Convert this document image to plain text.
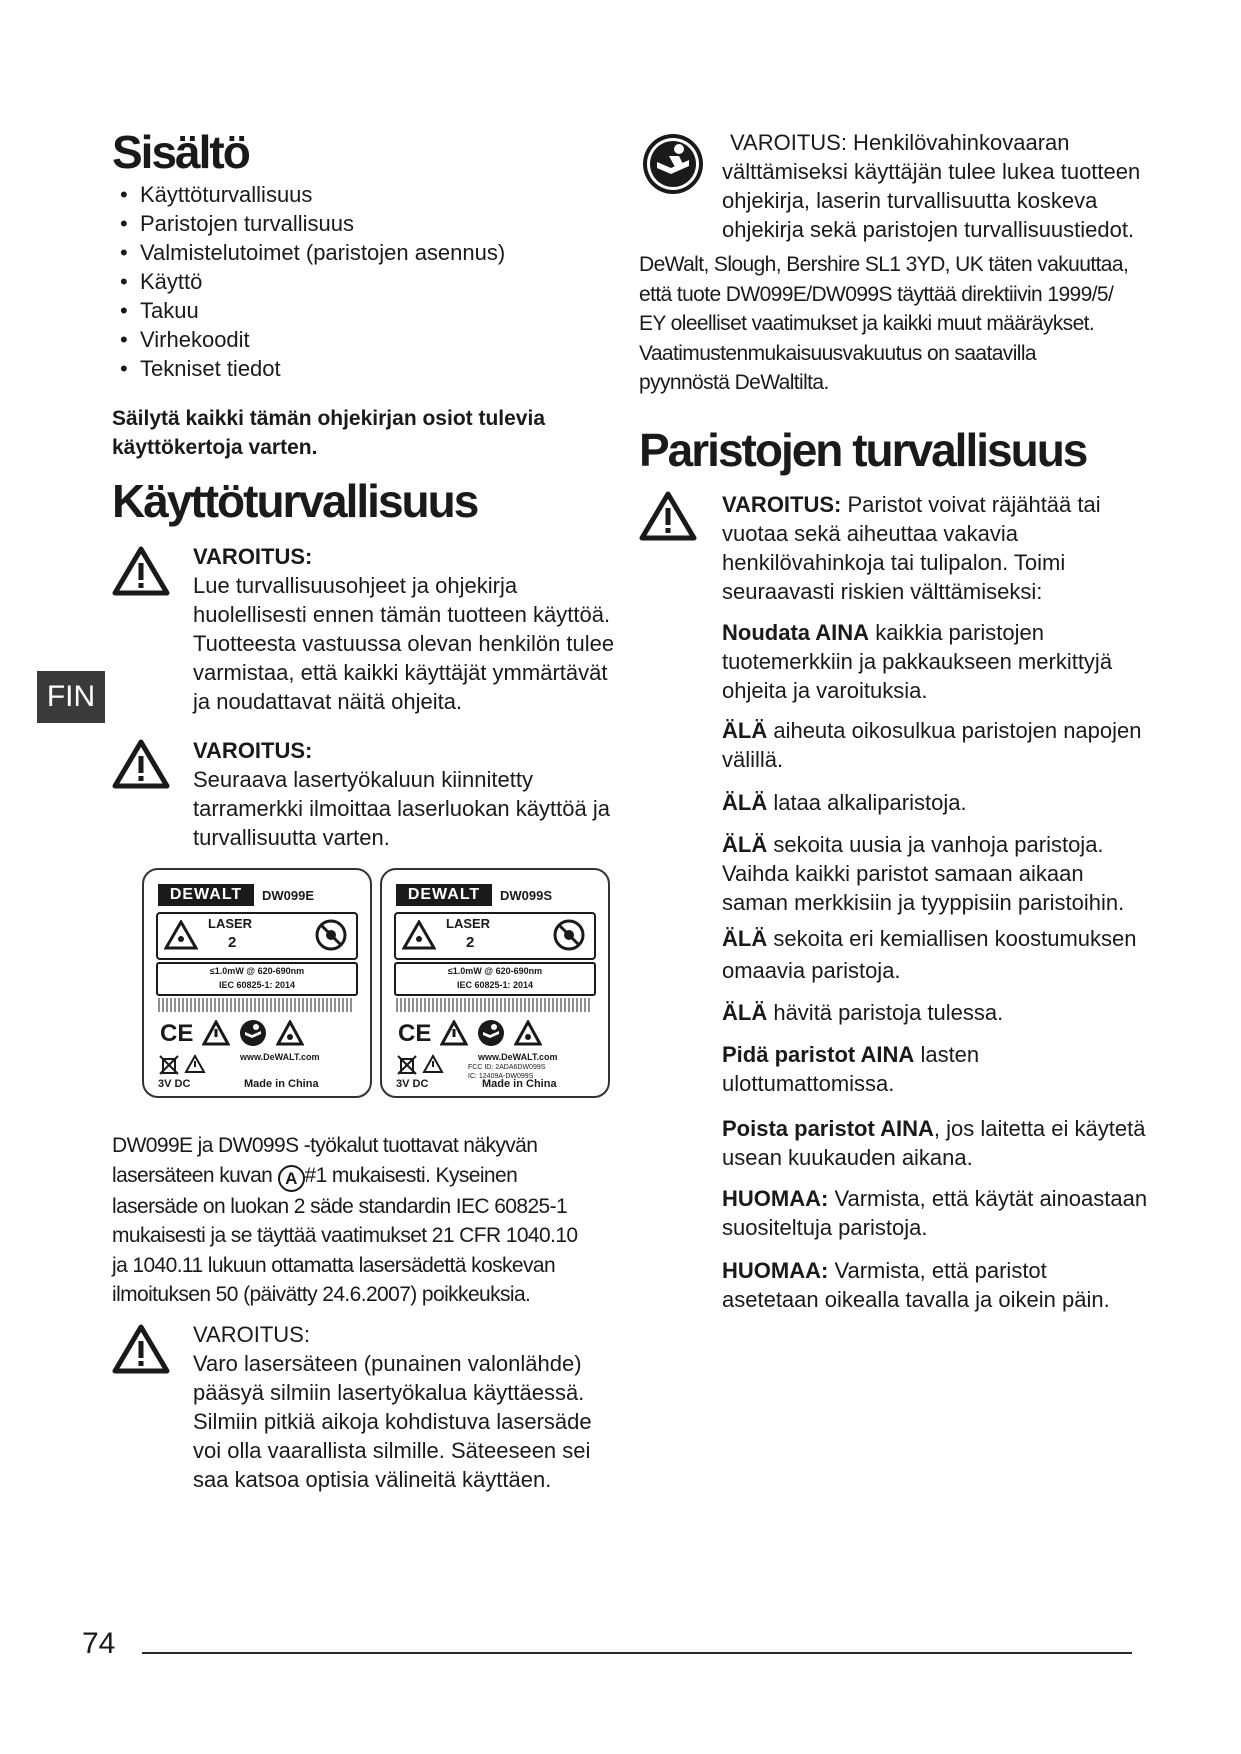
Sisältö
• Käyttöturvallisuus
• Paristojen turvallisuus
• Valmistelutoimet (paristojen asennus)
• Käyttö
• Takuu
• Virhekoodit
• Tekniset tiedot
Säilytä kaikki tämän ohjekirjan osiot tulevia
käyttökertoja varten.
Käyttöturvallisuus
VAROITUS:
Lue turvallisuusohjeet ja ohjekirja
huolellisesti ennen tämän tuotteen käyttöä.
Tuotteesta vastuussa olevan henkilön tulee
varmistaa, että kaikki käyttäjät ymmärtävät
ja noudattavat näitä ohjeita.
FIN
VAROITUS:
Seuraava lasertyökaluun kiinnitetty
tarramerkki ilmoittaa laserluokan käyttöä ja
turvallisuutta varten.
DEWALT	DW099E
LASER
2
≤1.0mW @ 620-690nm
IEC 60825-1: 2014
CE
www.DeWALT.com
3V DC	Made in China
DEWALT	DW099S
LASER
2
≤1.0mW @ 620-690nm
IEC 60825-1: 2014
CE
www.DeWALT.com
FCC ID: 2ADA6DW099S
IC: 12409A-DW099S
3V DC	Made in China
DW099E ja DW099S -työkalut tuottavat näkyvän
lasersäteen kuvan A #1 mukaisesti. Kyseinen
lasersäde on luokan 2 säde standardin IEC 60825-1
mukaisesti ja se täyttää vaatimukset 21 CFR 1040.10
ja 1040.11 lukuun ottamatta lasersädettä koskevan
ilmoituksen 50 (päivätty 24.6.2007) poikkeuksia.
VAROITUS:
Varo lasersäteen (punainen valonlähde)
pääsyä silmiin lasertyökalua käyttäessä.
Silmiin pitkiä aikoja kohdistuva lasersäde
voi olla vaarallista silmille. Säteeseen sei
saa katsoa optisia välineitä käyttäen.
VAROITUS: Henkilövahinkovaaran
välttämiseksi käyttäjän tulee lukea tuotteen
ohjekirja, laserin turvallisuutta koskeva
ohjekirja sekä paristojen turvallisuustiedot.
DeWalt, Slough, Bershire SL1 3YD, UK täten vakuuttaa,
että tuote DW099E/DW099S täyttää direktiivin 1999/5/
EY oleelliset vaatimukset ja kaikki muut määräykset.
Vaatimustenmukaisuusvakuutus on saatavilla
pyynnöstä DeWaltilta.
Paristojen turvallisuus
VAROITUS: Paristot voivat räjähtää tai
vuotaa sekä aiheuttaa vakavia
henkilövahinkoja tai tulipalon. Toimi
seuraavasti riskien välttämiseksi:
Noudata AINA kaikkia paristojen
tuotemerkkiin ja pakkaukseen merkittyjä
ohjeita ja varoituksia.
ÄLÄ aiheuta oikosulkua paristojen napojen
välillä.
ÄLÄ lataa alkaliparistoja.
ÄLÄ sekoita uusia ja vanhoja paristoja.
Vaihda kaikki paristot samaan aikaan
saman merkkisiin ja tyyppisiin paristoihin.
ÄLÄ sekoita eri kemiallisen koostumuksen
omaavia paristoja.
ÄLÄ hävitä paristoja tulessa.
Pidä paristot AINA lasten
ulottumattomissa.
Poista paristot AINA, jos laitetta ei käytetä
usean kuukauden aikana.
HUOMAA: Varmista, että käytät ainoastaan
suositeltuja paristoja.
HUOMAA: Varmista, että paristot
asetetaan oikealla tavalla ja oikein päin.
74
